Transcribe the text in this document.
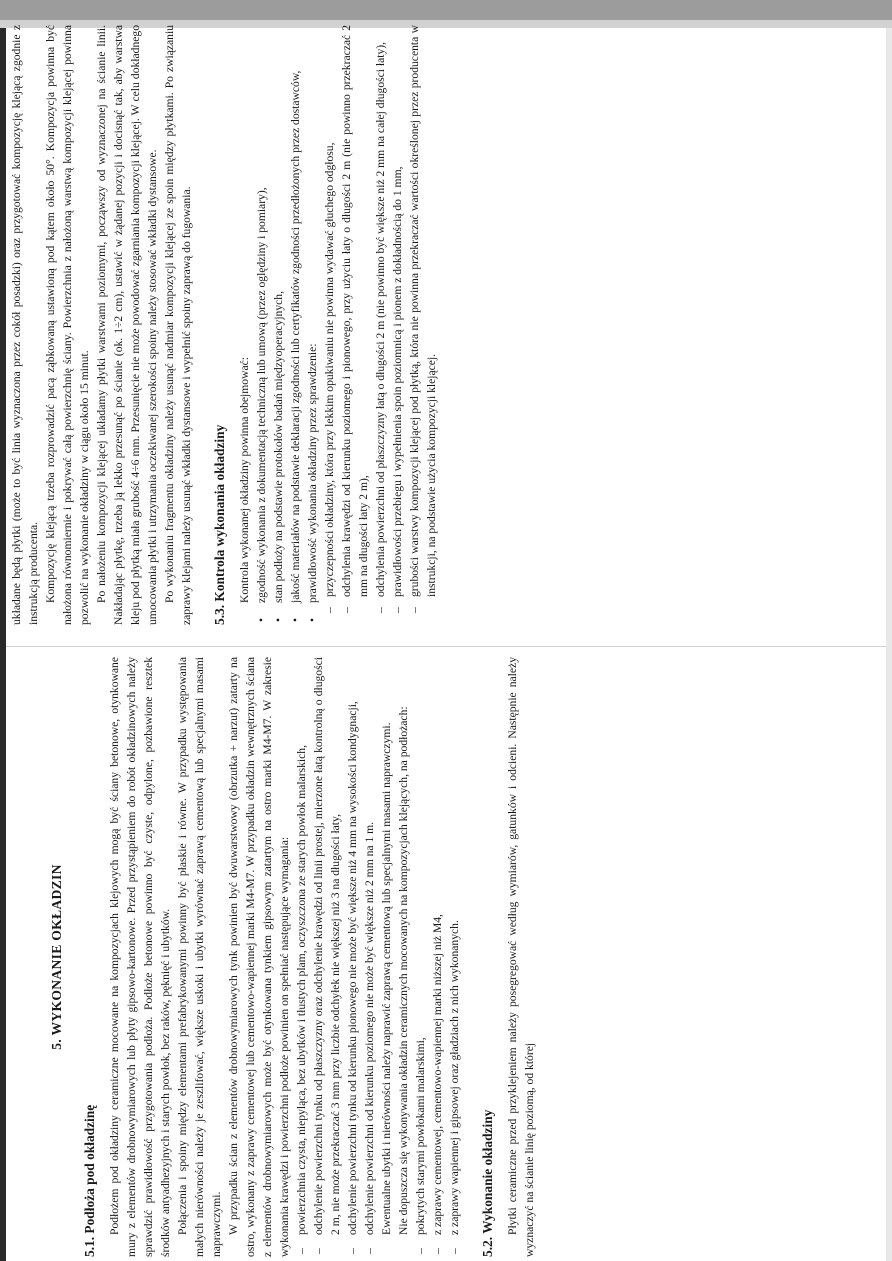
5. WYKONANIE OKŁADZIN
5.1. Podłoża pod okładzinę Podłożem pod okładziny ceramiczne mocowane na kompozycjach klejowych mogą być ściany betonowe, otynkowane mury z elementów drobnowymiarowych lub płyty gipsowo-kartonowe. Przed przystąpieniem do robót okładzinowych należy sprawdzić prawidłowość przygotowania podłoża. Podłoże betonowe powinno być czyste, odpylone, pozbawione resztek środków antyadhezyjnych i starych powłok, bez raków, pęknięć i ubytków. Połączenia i spoiny między elementami prefabrykowanymi powinny być płaskie i równe. W przypadku występowania małych nierówności należy je zeszlifować, większe uskoki i ubytki wyrównać zaprawą cementową lub specjalnymi masami naprawczymi. W przypadku ścian z elementów drobnowymiarowych tynk powinien być dwuwarstwowy (obrzutka + narzut) zatarty na ostro, wykonany z zaprawy cementowej lub cementowo-wapiennej marki M4-M7. W przypadku okładzin wewnętrznych ściana z elementów drobnowymiarowych może być otynkowana tynkiem gipsowym zatartym na ostro marki M4-M7. W zakresie wykonania krawędzi i powierzchni podłoże powinien on spełniać następujące wymagania: –
powierzchnia czysta, niepyląca, bez ubytków i tłustych plam, oczyszczona ze starych powłok malarskich,
–
odchylenie powierzchni tynku od płaszczyzny oraz odchylenie krawędzi od linii prostej, mierzone łatą kontrolną o długości 2 m, nie może przekraczać 3 mm przy liczbie odchyłek nie większej niż 3 na długości łaty,
–
odchylenie powierzchni tynku od kierunku pionowego nie może być większe niż 4 mm na wysokości kondygnacji,
–
odchylenie powierzchni od kierunku poziomego nie może być większe niż 2 mm na 1 m. Ewentualne ubytki i nierówności należy naprawić zaprawą cementową lub specjalnymi masami naprawczymi. Nie dopuszcza się wykonywania okładzin ceramicznych mocowanych na kompozycjach klejących, na podłożach:

–
pokrytych starymi powłokami malarskimi,
–
z zaprawy cementowej, cementowo-wapiennej marki niższej niż M4,
–
z zaprawy wapiennej i gipsowej oraz gładziach z nich wykonanych. 5.2. Wykonanie okładziny Płytki ceramiczne przed przyklejeniem należy posegregować według wymiarów, gatunków i odcieni. Następnie należy wyznaczyć na ścianie linię poziomą, od której

układane będą płytki (może to być linia wyznaczona przez cokół posadzki) oraz przygotować kompozycję klejącą zgodnie z instrukcją producenta. Kompozycję klejącą trzeba rozprowadzić pacą ząbkowaną ustawioną pod kątem około 50°. Kompozycja powinna być nałożona równomiernie i pokrywać całą powierzchnię ściany. Powierzchnia z nałożoną warstwą kompozycji klejącej powinna pozwolić na wykonanie okładziny w ciągu około 15 minut. Po nałożeniu kompozycji klejącej układamy płytki warstwami poziomymi, począwszy od wyznaczonej na ścianie linii. Nakładając płytkę, trzeba ją lekko przesunąć po ścianie (ok. 1÷2 cm), ustawić w żądanej pozycji i docisnąć tak, aby warstwa kleju pod płytką miała grubość 4÷6 mm. Przesunięcie nie może powodować zgarniania kompozycji klejącej. W celu dokładnego umocowania płytki i utrzymania oczekiwanej szerokości spoiny należy stosować wkładki dystansowe. Po wykonaniu fragmentu okładziny należy usunąć nadmiar kompozycji klejącej ze spoin między płytkami. Po związaniu zaprawy klejami należy usunąć wkładki dystansowe i wypełnić spoiny zaprawą do fugowania. 5.3. Kontrola wykonania okładziny Kontrola wykonanej okładziny powinna obejmować:

•
zgodność wykonania z dokumentacją techniczną lub umową (przez oględziny i pomiary),
•
stan podłoży na podstawie protokołów badań międzyoperacyjnych,
•
jakość materiałów na podstawie deklaracji zgodności lub certyfikatów zgodności przedłożonych przez dostawców,
•
prawidłowość wykonania okładziny przez sprawdzenie:
–
przyczepności okładziny, która przy lekkim opukiwaniu nie powinna wydawać głuchego odgłosu,
–
odchylenia krawędzi od kierunku poziomego i pionowego, przy użyciu łaty o długości 2 m (nie powinno przekraczać 2 mm na długości łaty 2 m),
–
odchylenia powierzchni od płaszczyzny łatą o długości 2 m (nie powinno być większe niż 2 mm na całej długości łaty),
–
prawidłowości przebiegu i wypełnienia spoin poziomnicą i pionem z dokładnością do 1 mm,
–
grubości warstwy kompozycji klejącej pod płytką, która nie powinna przekraczać wartości określonej przez producenta w instrukcji, na podstawie użycia kompozycji klejącej.
